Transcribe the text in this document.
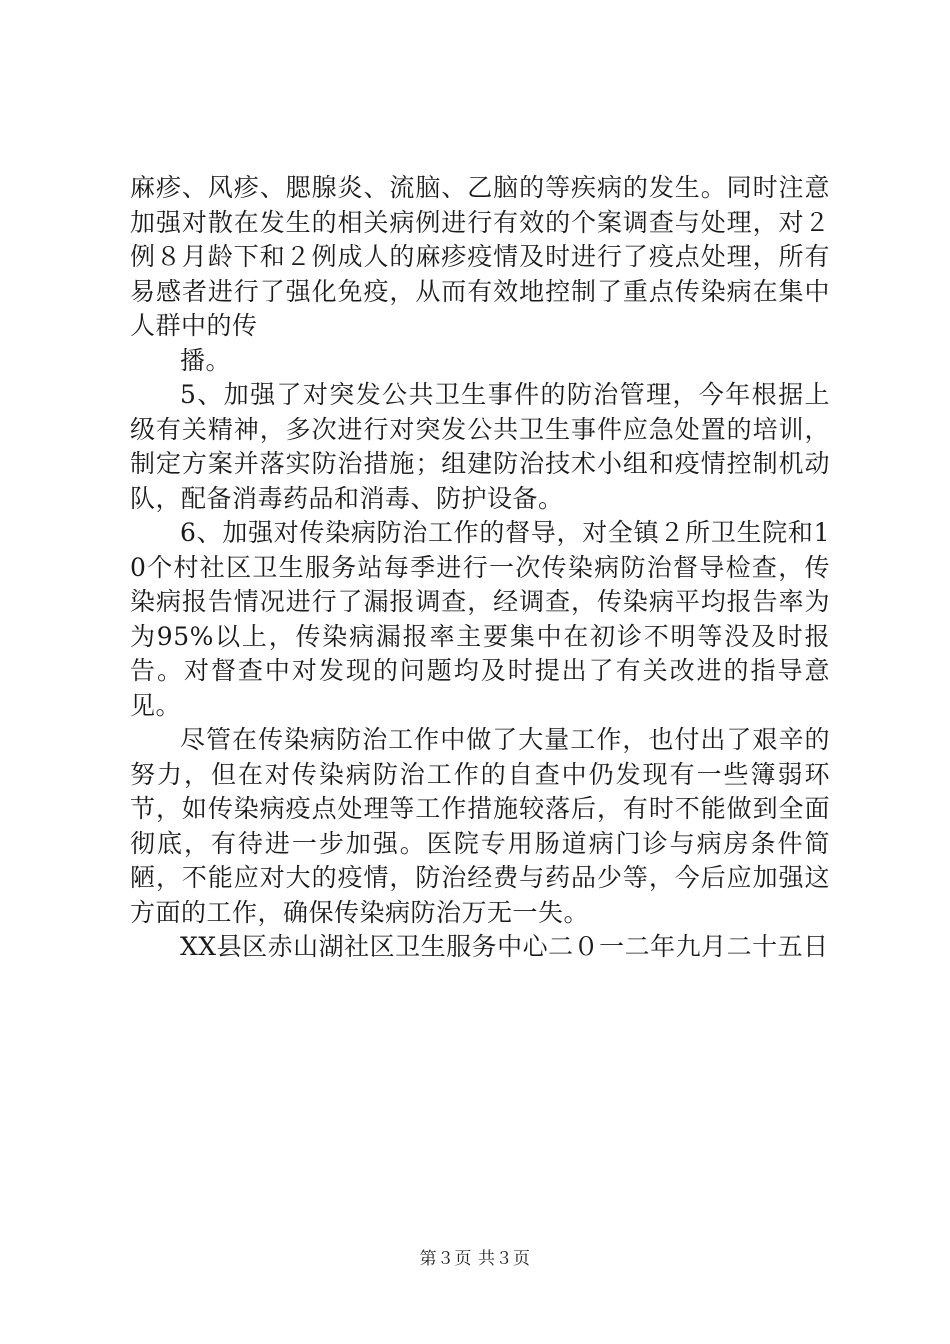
麻疹、风疹、腮腺炎、流脑、乙脑的等疾病的发生。同时注意加强对散在发生的相关病例进行有效的个案调查与处理，对２例８月龄下和２例成人的麻疹疫情及时进行了疫点处理，所有易感者进行了强化免疫，从而有效地控制了重点传染病在集中人群中的传

播。

5、加强了对突发公共卫生事件的防治管理，今年根据上级有关精神，多次进行对突发公共卫生事件应急处置的培训，制定方案并落实防治措施；组建防治技术小组和疫情控制机动队，配备消毒药品和消毒、防护设备。

6、加强对传染病防治工作的督导，对全镇２所卫生院和10个村社区卫生服务站每季进行一次传染病防治督导检查，传染病报告情况进行了漏报调查，经调查，传染病平均报告率为为95%以上，传染病漏报率主要集中在初诊不明等没及时报告。对督查中对发现的问题均及时提出了有关改进的指导意见。

尽管在传染病防治工作中做了大量工作，也付出了艰辛的努力，但在对传染病防治工作的自查中仍发现有一些簿弱环节，如传染病疫点处理等工作措施较落后，有时不能做到全面彻底，有待进一步加强。医院专用肠道病门诊与病房条件简陋，不能应对大的疫情，防治经费与药品少等，今后应加强这方面的工作，确保传染病防治万无一失。

XX县区赤山湖社区卫生服务中心二０一二年九月二十五日

第３页 共３页
